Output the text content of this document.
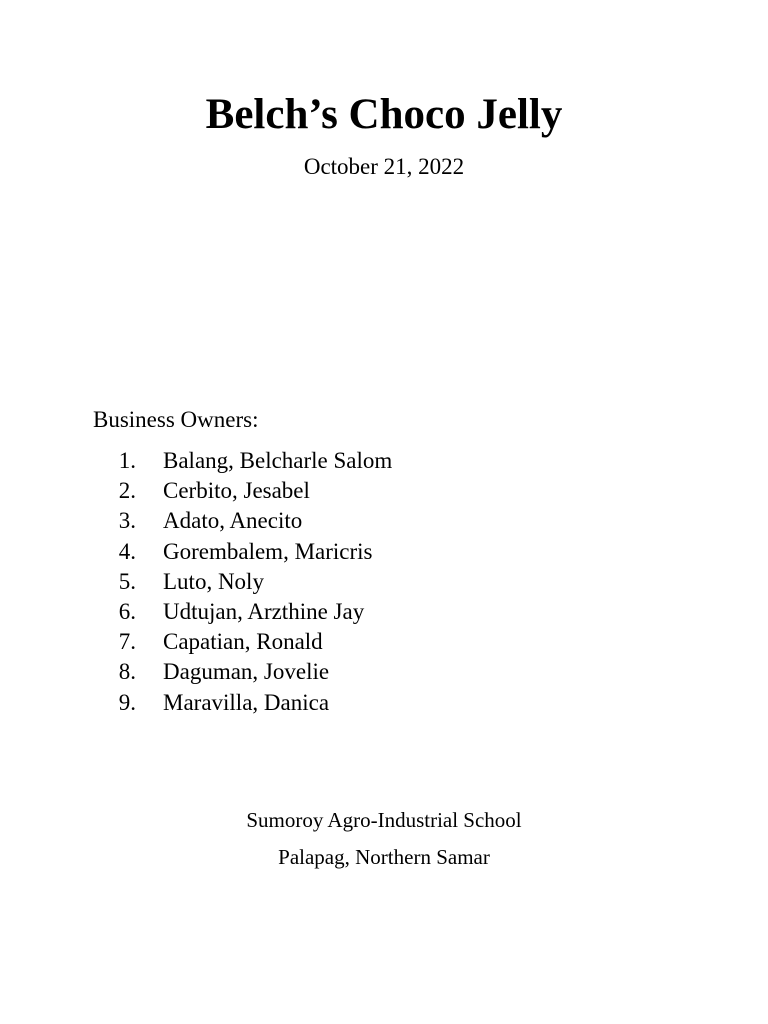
Belch’s Choco Jelly
October 21, 2022
Business Owners:
1. Balang, Belcharle Salom
2. Cerbito, Jesabel
3. Adato, Anecito
4. Gorembalem, Maricris
5. Luto, Noly
6. Udtujan, Arzthine Jay
7. Capatian, Ronald
8. Daguman, Jovelie
9. Maravilla, Danica
Sumoroy Agro-Industrial School
Palapag, Northern Samar
